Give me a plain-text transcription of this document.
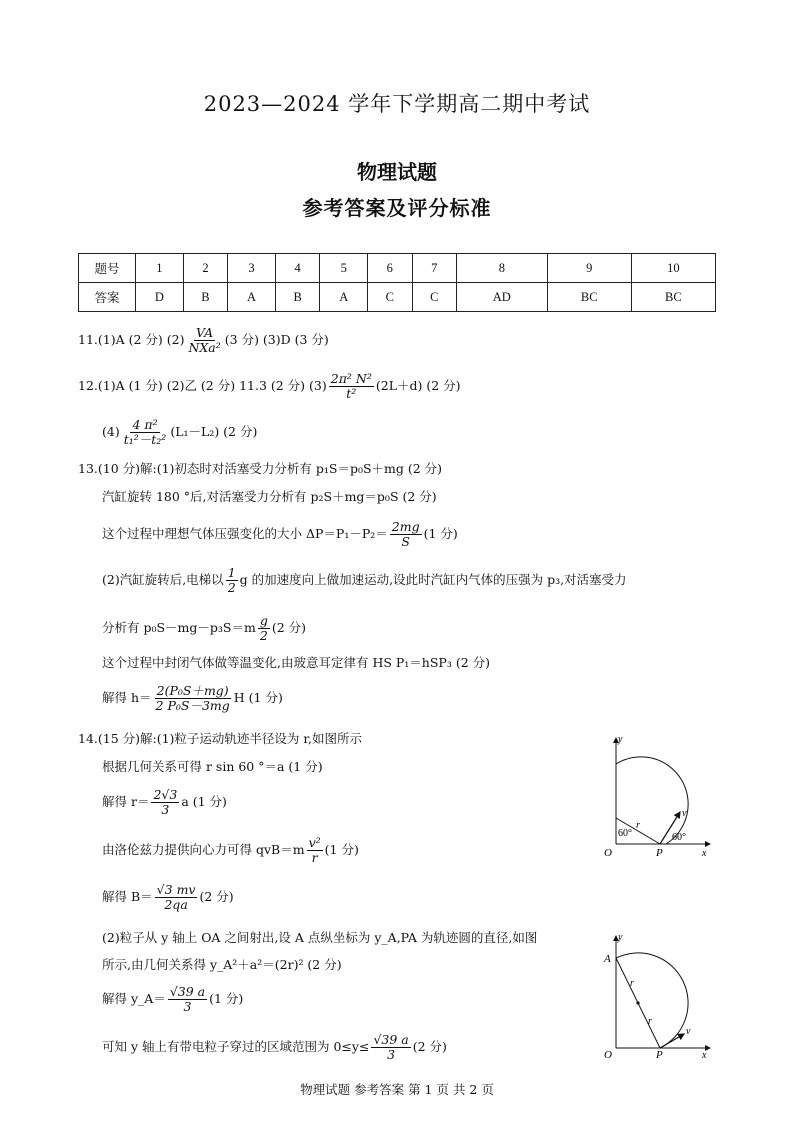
2023—2024 学年下学期高二期中考试
物理试题
参考答案及评分标准
题号	1	2	3	4	5	6	7	8	9	10
答案	D	B	A	B	A	C	C	AD	BC	BC
11.(1)A (2 分) $(2) \frac{VA}{\text{NXa²}} (3$ 分) (3)D (3 分)
12.(1)A (1 分) (2)乙 (2 分) 11.3 (2 分) $(3) \frac{\text{2π² N²}}{\text{t²}} (2L+d)$ (2 分)
$(4) \frac{\text{4 π²}}{\text{t₁²－t₂²}} (L_1-L_2)$ (2 分)
13.(10 分)解:(1)初态时对活塞受力分析有 p₁S＝p₀S＋mg (2 分)
汽缸旋转 180 °后,对活塞受力分析有 p₂S＋mg＝p₀S (2 分)
这个过程中理想气体压强变化的大小 $\Delta P=P_1-P_2= \frac{2mg}{S} (1$ 分)
(2)汽缸旋转后,电梯以 $\frac{1}{2}$ g 的加速度向上做加速运动,设此时汽缸内气体的压强为 p₃,对活塞受力
分析有 $p_0S-mg-p_3S=m \frac{g}{2} (2$ 分)
这个过程中封闭气体做等温变化,由玻意耳定律有 HS P₁＝hSP₃ (2 分)
解得 $h= \frac{\text{2(P₀S＋mg)}}{\text{2 P₀S－3mg}}$ H (1 分)
14.(15 分)解:(1)粒子运动轨迹半径设为 r,如图所示
根据几何关系可得 r sin 60 °＝a (1 分)
解得 $r= \frac{2√3}{3}$ a (1 分)
由洛伦兹力提供向心力可得 $qvB=m \frac{\text{v²}}{r} (1$ 分)
解得 $B= \frac{√3 mv}{2qa} (2$ 分)
(2)粒子从 y 轴上 OA 之间射出,设 A 点纵坐标为 y_A,PA 为轨迹圆的直径,如图
所示,由几何关系得 y_A²＋a²＝(2r)² (2 分)
解得 y_A＝ $\frac{√39 a}{3} (1$ 分)
可知 y 轴上有带电粒子穿过的区域范围为 $0\le y\le \frac{√39 a}{3} (2$ 分)
y
x
O	P
r
v
60°	60°
A
y
x
O	P
r
r
v
物理试题 参考答案 第 1 页 共 2 页
